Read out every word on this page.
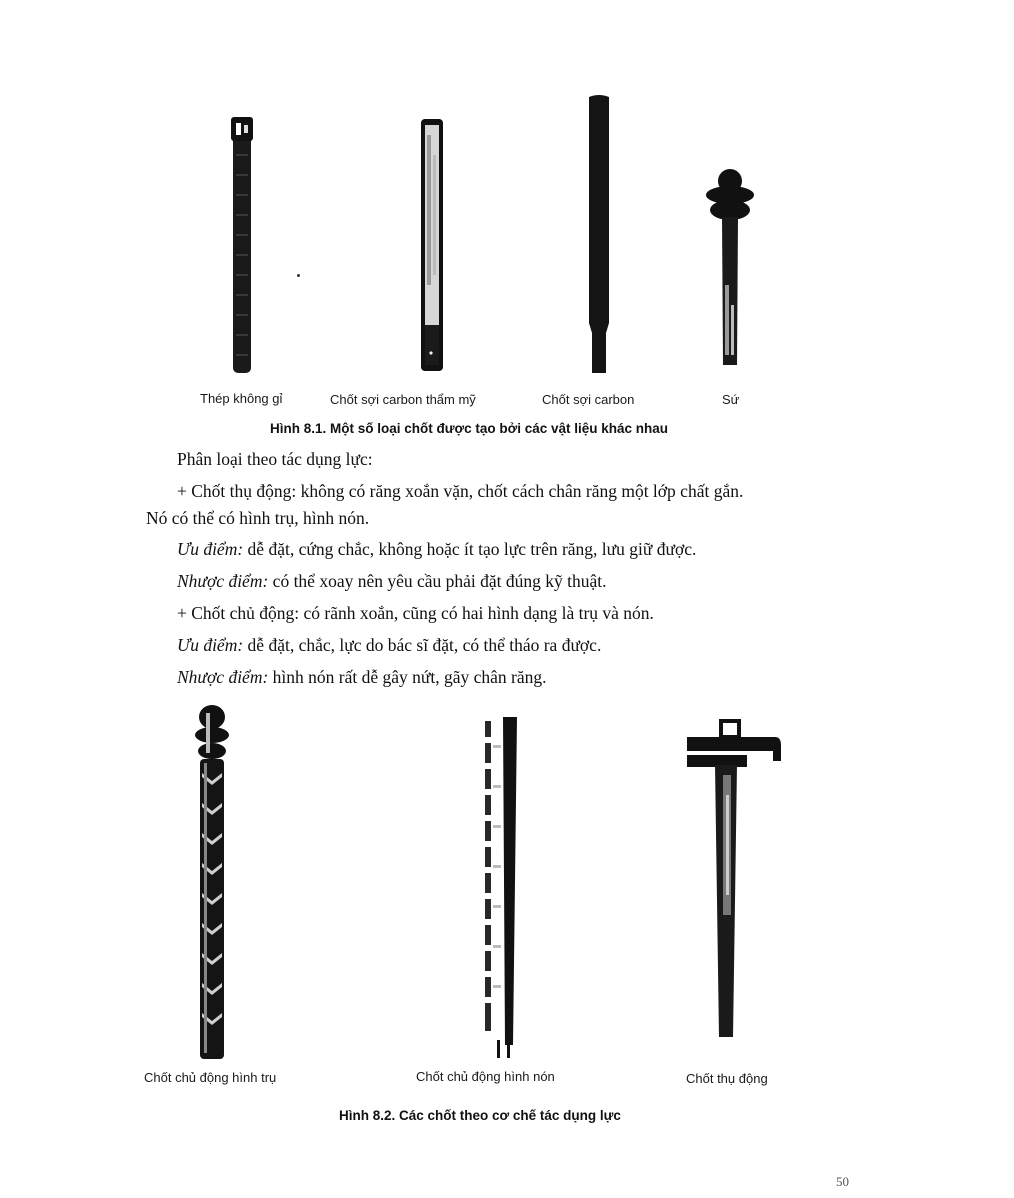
Thép không gỉ	Chốt sợi carbon thẩm mỹ	Chốt sợi carbon	Sứ
Hình 8.1. Một số loại chốt được tạo bởi các vật liệu khác nhau
Phân loại theo tác dụng lực:
+ Chốt thụ động: không có răng xoắn vặn, chốt cách chân răng một lớp chất gắn.
Nó có thể có hình trụ, hình nón.
Ưu điểm: dễ đặt, cứng chắc, không hoặc ít tạo lực trên răng, lưu giữ được.
Nhược điểm: có thể xoay nên yêu cầu phải đặt đúng kỹ thuật.
+ Chốt chủ động: có rãnh xoắn, cũng có hai hình dạng là trụ và nón.
Ưu điểm: dễ đặt, chắc, lực do bác sĩ đặt, có thể tháo ra được.
Nhược điểm: hình nón rất dễ gây nứt, gãy chân răng.
Chốt chủ động hình trụ	Chốt chủ động hình nón	Chốt thụ động
Hình 8.2. Các chốt theo cơ chế tác dụng lực
50
